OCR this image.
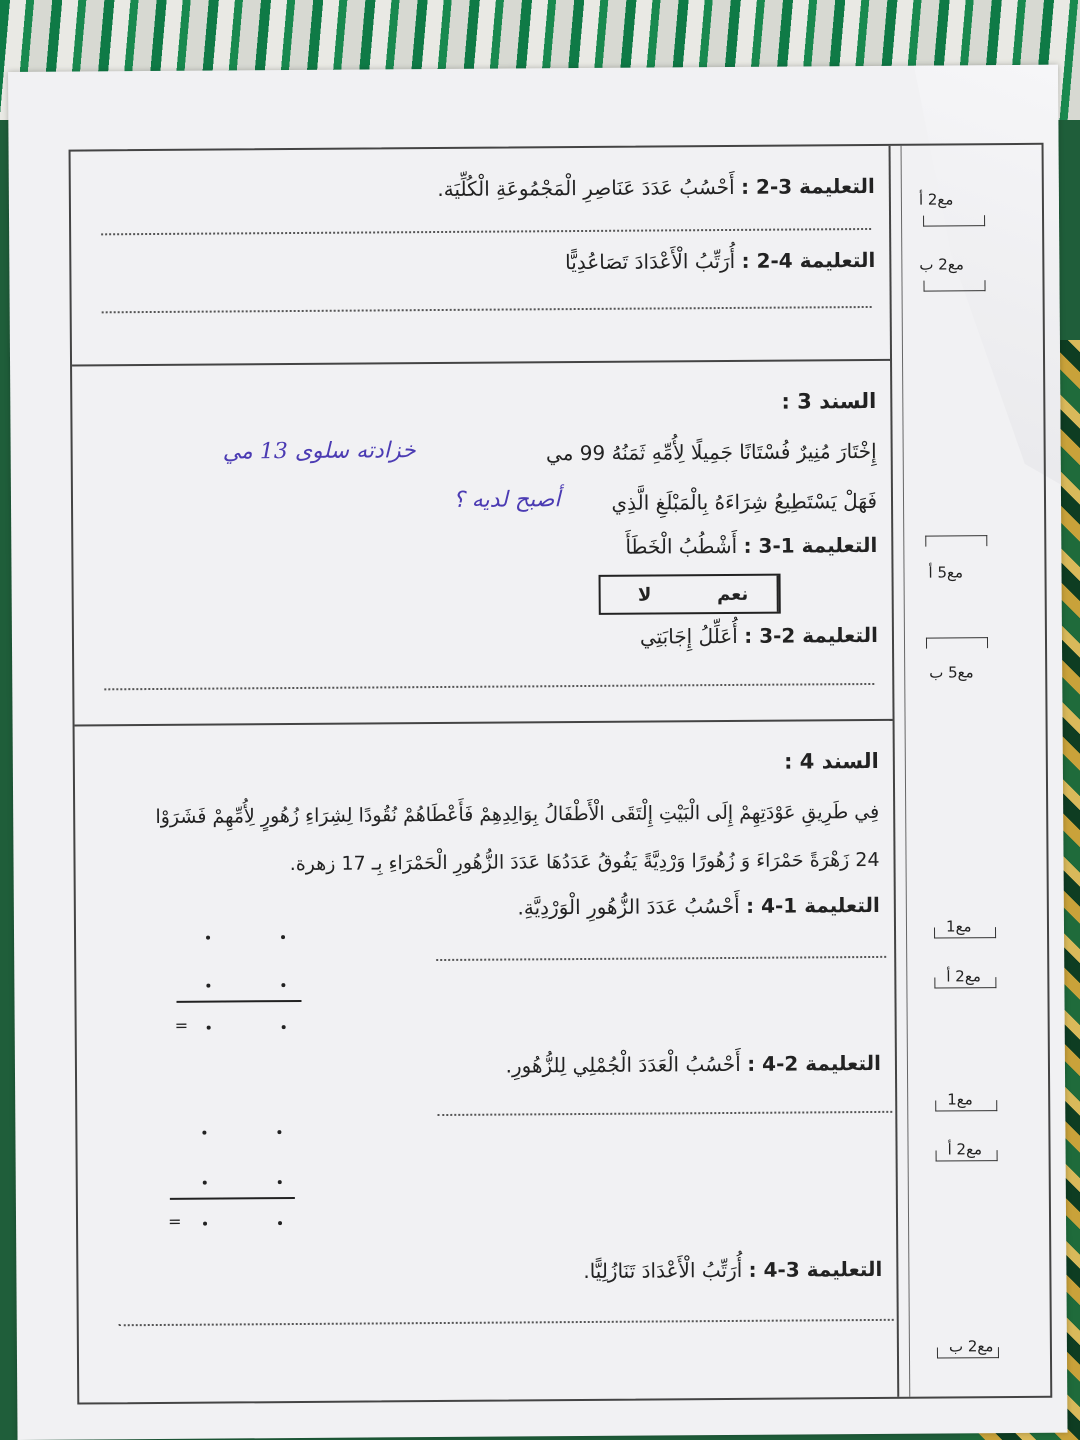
التعليمة 3-2 : أَحْسُبُ عَدَدَ عَنَاصِرِ الْمَجْمُوعَةِ الْكُلِّيَة.
التعليمة 4-2 : أُرَتِّبُ الْأَعْدَادَ تَصَاعُدِيًّا
السند 3 :
إِخْتَارَ مُنِيرٌ فُسْتَانًا جَمِيلًا لِأُمِّهِ ثَمَنُهُ 99 مي
خزادته سلوى 13 مي
فَهَلْ يَسْتَطِيعُ شِرَاءَهُ بِالْمَبْلَغِ الَّذِي
أصبح لديه ؟
التعليمة 1-3 : أَشْطُبُ الْخَطَأَ
لا	نعم
التعليمة 2-3 : أُعَلِّلُ إِجَابَتِي
السند 4 :
فِي طَرِيقِ عَوْدَتِهِمْ إِلَى الْبَيْتِ إِلْتَقَى الْأَطْفَالُ بِوَالِدِهِمْ فَأَعْطَاهُمْ نُقُودًا لِشِرَاءِ زُهُورٍ لِأُمِّهِمْ فَشَرَوْا
24 زَهْرَةً حَمْرَاءَ وَ زُهُورًا وَرْدِيَّةً يَفُوقُ عَدَدُهَا عَدَدَ الزُّهُورِ الْحَمْرَاءِ بِـ 17 زهرة.
التعليمة 1-4 : أَحْسُبُ عَدَدَ الزُّهُورِ الْوَرْدِيَّةِ.
=
التعليمة 2-4 : أَحْسُبُ الْعَدَدَ الْجُمْلِي لِلزُّهُورِ.
=
التعليمة 3-4 : أُرَتِّبُ الْأَعْدَادَ تَنَازُلِيًّا.
مع2 أ
مع2 ب
مع5 أ
مع5 ب
مع1
مع2 أ
مع1
مع2 أ
مع2 ب
